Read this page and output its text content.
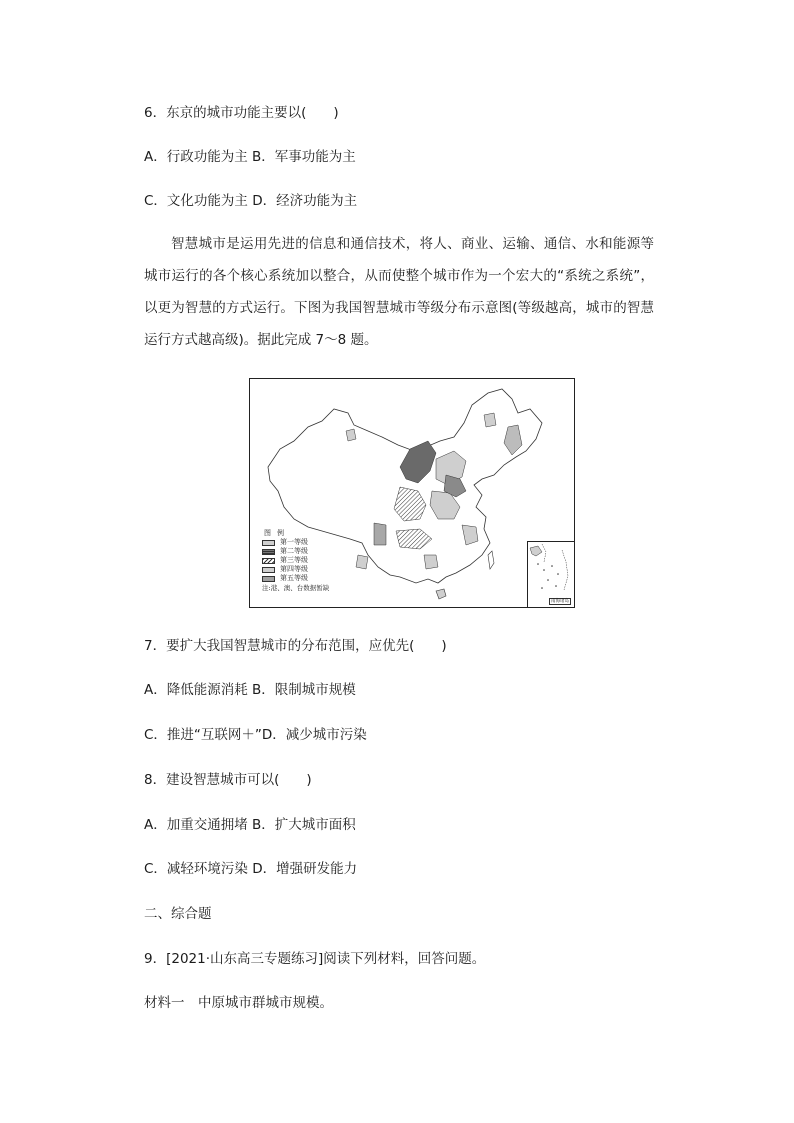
6．东京的城市功能主要以(　　)
A．行政功能为主 B．军事功能为主
C．文化功能为主 D．经济功能为主
智慧城市是运用先进的信息和通信技术，将人、商业、运输、通信、水和能源等城市运行的各个核心系统加以整合，从而使整个城市作为一个宏大的“系统之系统”，以更为智慧的方式运行。下图为我国智慧城市等级分布示意图(等级越高，城市的智慧运行方式越高级)。据此完成 7～8 题。
图例
第一等级
第二等级
第三等级
第四等级
第五等级
注:港、澳、台数据暂缺
南海诸岛
7．要扩大我国智慧城市的分布范围，应优先(　　)
A．降低能源消耗 B．限制城市规模
C．推进“互联网＋”D．减少城市污染
8．建设智慧城市可以(　　)
A．加重交通拥堵 B．扩大城市面积
C．减轻环境污染 D．增强研发能力
二、综合题
9．[2021·山东高三专题练习]阅读下列材料，回答问题。
材料一　中原城市群城市规模。
